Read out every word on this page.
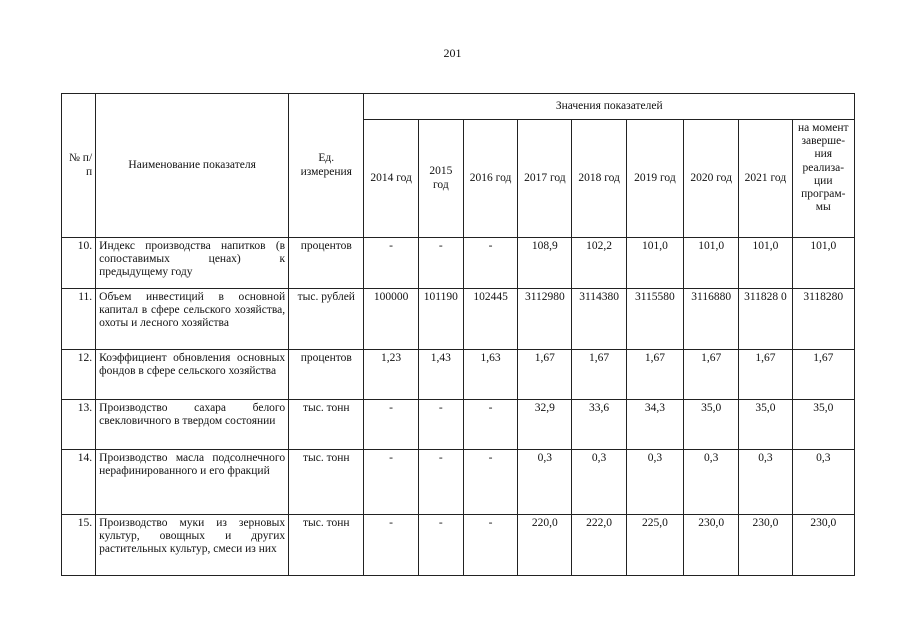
201
№ п/п	Наименование показателя	Ед. измерения	Значения показателей								
			2014 год	2015 год	2016 год	2017 год	2018 год	2019 год	2020 год	2021 год	на момент заверше-ния реализа-ции програм-мы
10.	Индекс производства напитков (в сопоставимых ценах) к предыдущему году	процентов	-	-	-	108,9	102,2	101,0	101,0	101,0	101,0
11.	Объем инвестиций в основной капитал в сфере сельского хозяйства, охоты и лесного хозяйства	тыс. рублей	100000	101190	102445	3112980	3114380	3115580	3116880	311828 0	3118280
12.	Коэффициент обновления основных фондов в сфере сельского хозяйства	процентов	1,23	1,43	1,63	1,67	1,67	1,67	1,67	1,67	1,67
13.	Производство сахара белого свекловичного в твердом состоянии	тыс. тонн	-	-	-	32,9	33,6	34,3	35,0	35,0	35,0
14.	Производство масла подсолнечного нерафинированного и его фракций	тыс. тонн	-	-	-	0,3	0,3	0,3	0,3	0,3	0,3
15.	Производство муки из зерновых культур, овощных и других растительных культур, смеси из них	тыс. тонн	-	-	-	220,0	222,0	225,0	230,0	230,0	230,0
